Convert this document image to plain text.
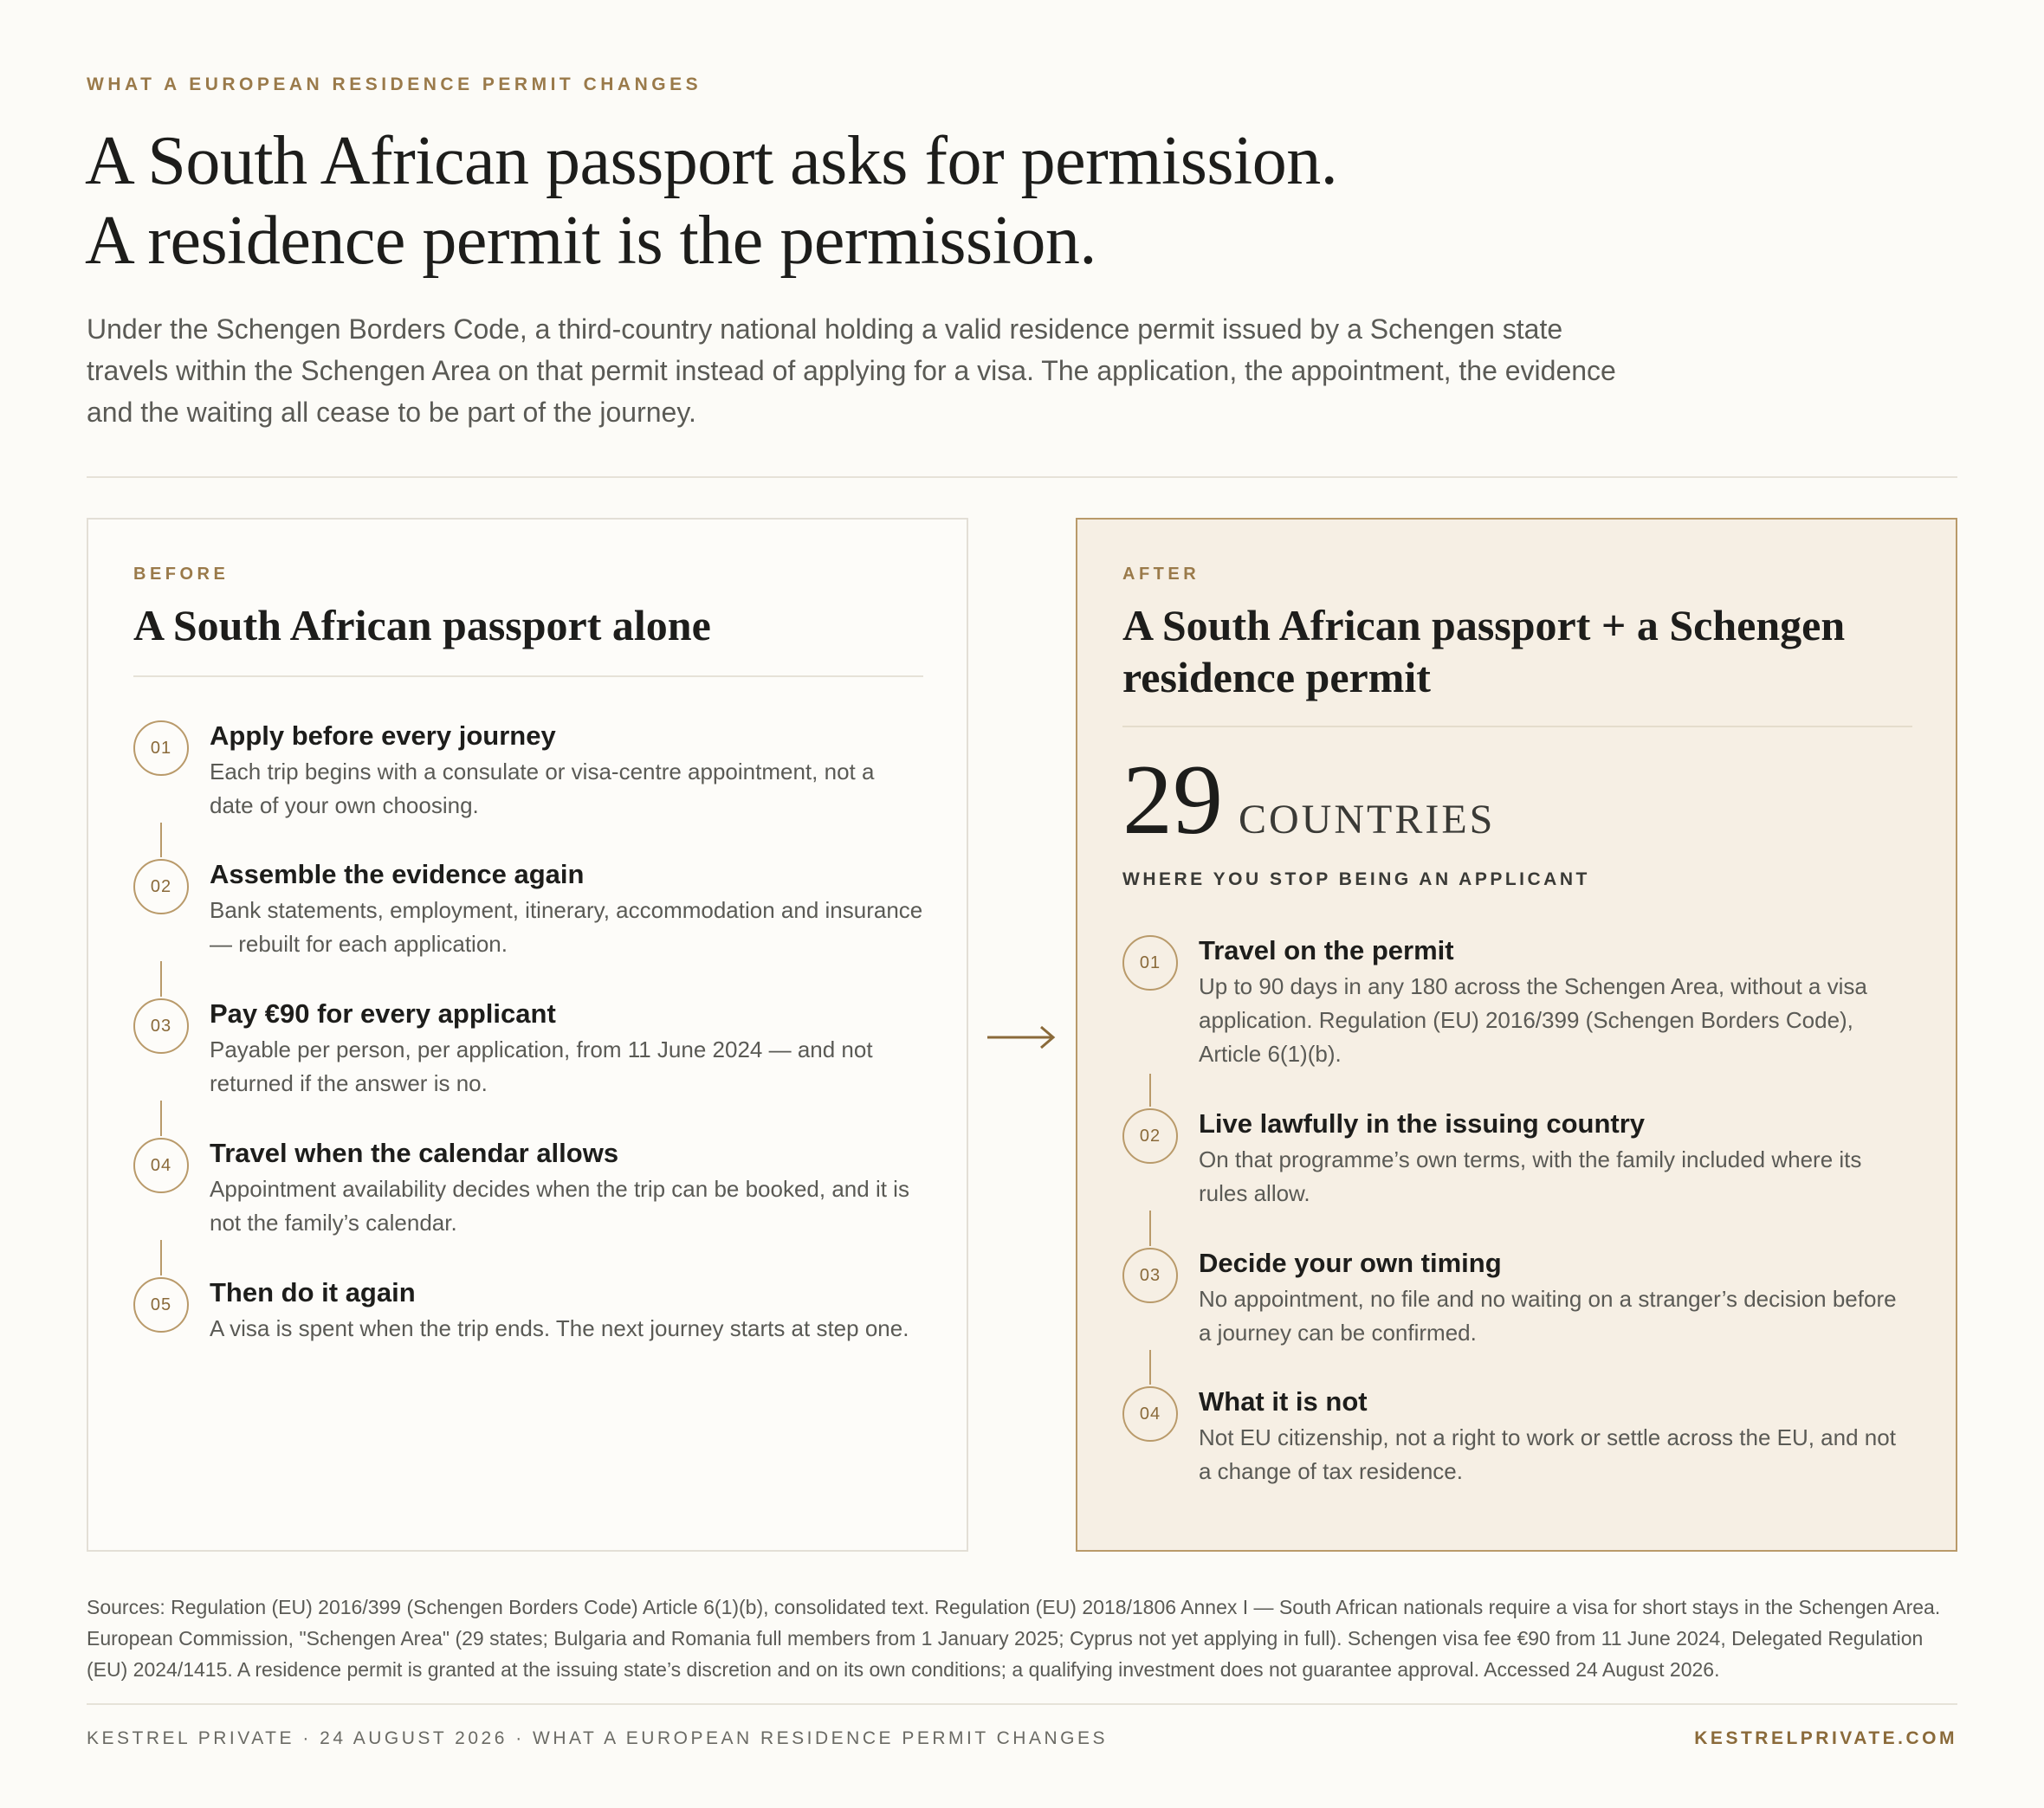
WHAT A EUROPEAN RESIDENCE PERMIT CHANGES
A South African passport asks for permission.
A residence permit is the permission.

Under the Schengen Borders Code, a third-country national holding a valid residence permit issued by a Schengen state travels within the Schengen Area on that permit instead of applying for a visa. The application, the appointment, the evidence and the waiting all cease to be part of the journey.

BEFORE
A South African passport alone
01	Apply before every journey
Each trip begins with a consulate or visa-centre appointment, not a date of your own choosing.
02	Assemble the evidence again
Bank statements, employment, itinerary, accommodation and insurance — rebuilt for each application.
03	Pay €90 for every applicant
Payable per person, per application, from 11 June 2024 — and not returned if the answer is no.
04	Travel when the calendar allows
Appointment availability decides when the trip can be booked, and it is not the family’s calendar.
05	Then do it again
A visa is spent when the trip ends. The next journey starts at step one.
AFTER
A South African passport + a Schengen residence permit
29 COUNTRIES
WHERE YOU STOP BEING AN APPLICANT
01	Travel on the permit
Up to 90 days in any 180 across the Schengen Area, without a visa application. Regulation (EU) 2016/399 (Schengen Borders Code), Article 6(1)(b).
02	Live lawfully in the issuing country
On that programme’s own terms, with the family included where its rules allow.
03	Decide your own timing
No appointment, no file and no waiting on a stranger’s decision before a journey can be confirmed.
04	What it is not
Not EU citizenship, not a right to work or settle across the EU, and not a change of tax residence.

Sources: Regulation (EU) 2016/399 (Schengen Borders Code) Article 6(1)(b), consolidated text. Regulation (EU) 2018/1806 Annex I — South African nationals require a visa for short stays in the Schengen Area. European Commission, "Schengen Area" (29 states; Bulgaria and Romania full members from 1 January 2025; Cyprus not yet applying in full). Schengen visa fee €90 from 11 June 2024, Delegated Regulation (EU) 2024/1415. A residence permit is granted at the issuing state’s discretion and on its own conditions; a qualifying investment does not guarantee approval. Accessed 24 August 2026.

KESTREL PRIVATE · 24 AUGUST 2026 · WHAT A EUROPEAN RESIDENCE PERMIT CHANGES	KESTRELPRIVATE.COM
